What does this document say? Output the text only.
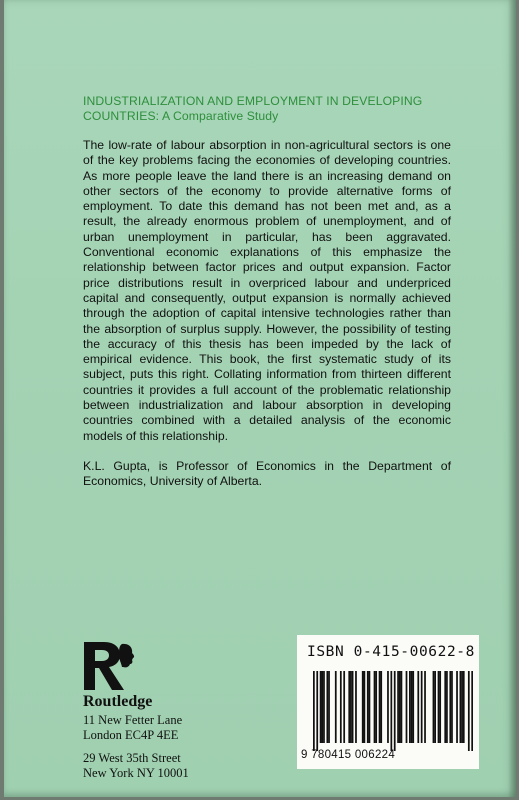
INDUSTRIALIZATION AND EMPLOYMENT IN DEVELOPING
COUNTRIES: A Comparative Study

The low-rate of labour absorption in non-agricultural sectors is one of the key problems facing the economies of developing countries. As more people leave the land there is an increasing demand on other sectors of the economy to provide alternative forms of employment. To date this demand has not been met and, as a result, the already enormous problem of unemployment, and of urban unemployment in particular, has been aggravated. Conventional economic explanations of this emphasize the relationship between factor prices and output expansion. Factor price distributions result in overpriced labour and underpriced capital and consequently, output expansion is normally achieved through the adoption of capital intensive technologies rather than the absorption of surplus supply. However, the possibility of testing the accuracy of this thesis has been impeded by the lack of empirical evidence. This book, the first systematic study of its subject, puts this right. Collating information from thirteen different countries it provides a full account of the problematic relationship between industrialization and labour absorption in developing countries combined with a detailed analysis of the economic models of this relationship.

K.L. Gupta, is Professor of Economics in the Department of Economics, University of Alberta.

Routledge
11 New Fetter Lane
London EC4P 4EE
29 West 35th Street
New York NY 10001
ISBN 0-415-00622-8
9 780415 006224
